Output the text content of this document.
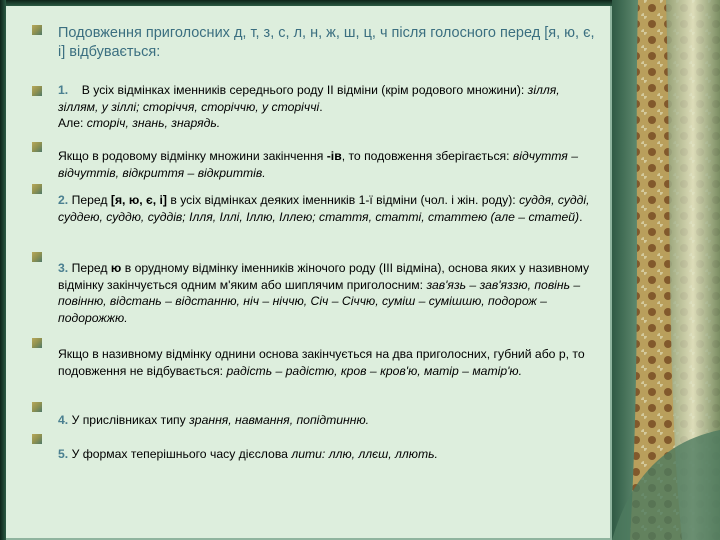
Подовження приголосних д, т, з, с, л, н, ж, ш, ц, ч після голосного перед [я, ю, є, і] відбувається:
1. В усіх відмінках іменників середнього роду ІІ відміни (крім родового множини): зілля, зіллям, у зіллі; сторіччя, сторіччю, у сторіччі.
Але: сторіч, знань, знарядь.
Якщо в родовому відмінку множини закінчення -ів, то подовження зберігається: відчуття – відчуттів, відкриття – відкриттів.
2. Перед [я, ю, є, і] в усіх відмінках деяких іменників 1-ї відміни (чол. і жін. роду): суддя, судді, суддею, суддю, суддів; Ілля, Іллі, Іллю, Іллею; стаття, статті, статтею (але – статей).
3. Перед ю в орудному відмінку іменників жіночого роду (ІІІ відміна), основа яких у називному відмінку закінчується одним м'яким або шиплячим приголосним: зав'язь – зав'яззю, повінь – повінню, відстань – відстанню, ніч – ніччю, Січ – Січчю, суміш – сумішшю, подорож – подорожжю.
Якщо в називному відмінку однини основа закінчується на два приголосних, губний або р, то подовження не відбувається: радість – радістю, кров – кров'ю, матір – матір'ю.
4. У прислівниках типу зрання, навмання, попідтинню.
5. У формах теперішнього часу дієслова лити: ллю, ллєш, ллють.
